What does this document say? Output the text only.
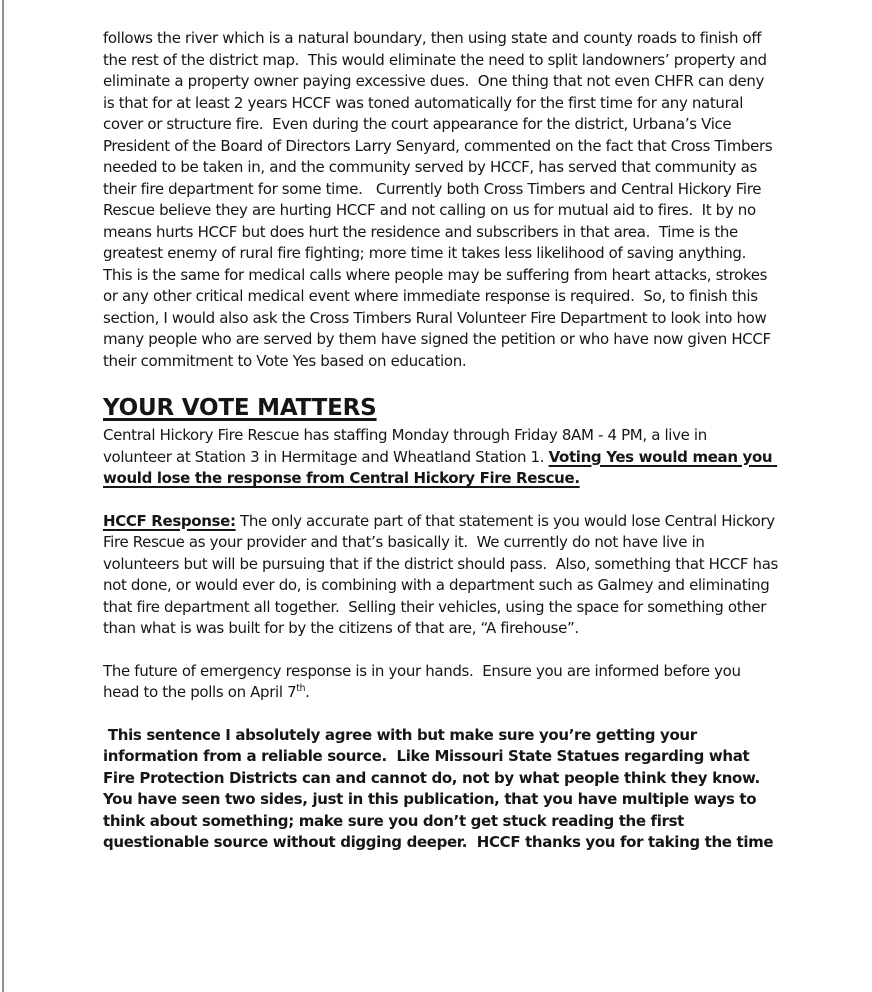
follows the river which is a natural boundary, then using state and county roads to finish off the rest of the district map.  This would eliminate the need to split landowners’ property and eliminate a property owner paying excessive dues.  One thing that not even CHFR can deny is that for at least 2 years HCCF was toned automatically for the first time for any natural cover or structure fire.  Even during the court appearance for the district, Urbana’s Vice President of the Board of Directors Larry Senyard, commented on the fact that Cross Timbers needed to be taken in, and the community served by HCCF, has served that community as their fire department for some time.   Currently both Cross Timbers and Central Hickory Fire Rescue believe they are hurting HCCF and not calling on us for mutual aid to fires.  It by no means hurts HCCF but does hurt the residence and subscribers in that area.  Time is the greatest enemy of rural fire fighting; more time it takes less likelihood of saving anything. This is the same for medical calls where people may be suffering from heart attacks, strokes or any other critical medical event where immediate response is required.  So, to finish this section, I would also ask the Cross Timbers Rural Volunteer Fire Department to look into how many people who are served by them have signed the petition or who have now given HCCF their commitment to Vote Yes based on education.

YOUR VOTE MATTERS

Central Hickory Fire Rescue has staffing Monday through Friday 8AM - 4 PM, a live in volunteer at Station 3 in Hermitage and Wheatland Station 1. Voting Yes would mean you would lose the response from Central Hickory Fire Rescue.

HCCF Response: The only accurate part of that statement is you would lose Central Hickory Fire Rescue as your provider and that’s basically it.  We currently do not have live in volunteers but will be pursuing that if the district should pass.  Also, something that HCCF has not done, or would ever do, is combining with a department such as Galmey and eliminating that fire department all together.  Selling their vehicles, using the space for something other than what is was built for by the citizens of that are, “A firehouse”.

The future of emergency response is in your hands.  Ensure you are informed before you head to the polls on April 7th.

This sentence I absolutely agree with but make sure you’re getting your information from a reliable source.  Like Missouri State Statues regarding what Fire Protection Districts can and cannot do, not by what people think they know. You have seen two sides, just in this publication, that you have multiple ways to think about something; make sure you don’t get stuck reading the first questionable source without digging deeper.  HCCF thanks you for taking the time
